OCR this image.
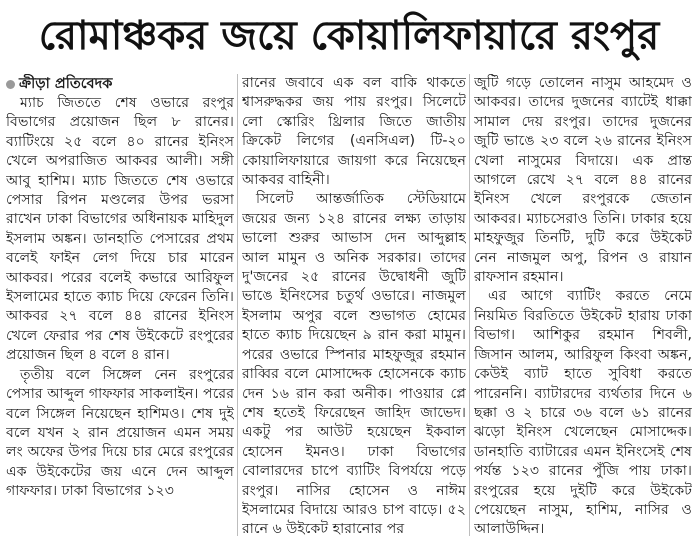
রোমাঞ্চকর জয়ে কোয়ালিফায়ারে রংপুর
ক্রীড়া প্রতিবেদক

ম্যাচ জিততে শেষ ওভারে রংপুর বিভাগের প্রয়োজন ছিল ৮ রানের। ব্যাটিংয়ে ২৫ বলে ৪০ রানের ইনিংস খেলে অপরাজিত আকবর আলী। সঙ্গী আবু হাশিম। ম্যাচ জিততে শেষ ওভারে পেসার রিপন মণ্ডলের উপর ভরসা রাখেন ঢাকা বিভাগের অধিনায়ক মাহিদুল ইসলাম অঙ্কন। ডানহাতি পেসারের প্রথম বলেই ফাইন লেগ দিয়ে চার মারেন আকবর। পরের বলেই কভারে আরিফুল ইসলামের হাতে ক্যাচ দিয়ে ফেরেন তিনি। আকবর ২৭ বলে ৪৪ রানের ইনিংস খেলে ফেরার পর শেষ উইকেটে রংপুরের প্রয়োজন ছিল ৪ বলে ৪ রান।

তৃতীয় বলে সিঙ্গেল নেন রংপুরের পেসার আব্দুল গাফফার সাকলাইন। পরের বলে সিঙ্গেল নিয়েছেন হাশিমও। শেষ দুই বলে যখন ২ রান প্রয়োজন এমন সময় লং অফের উপর দিয়ে চার মেরে রংপুরের এক উইকেটের জয় এনে দেন আব্দুল গাফফার। ঢাকা বিভাগের ১২৩

রানের জবাবে এক বল বাকি থাকতে শ্বাসরুদ্ধকর জয় পায় রংপুর। সিলেটে লো স্কোরিং থ্রিলার জিতে জাতীয় ক্রিকেট লিগের (এনসিএল) টি-২০ কোয়ালিফায়ারে জায়গা করে নিয়েছেন আকবর বাহিনী।

সিলেট আন্তর্জাতিক স্টেডিয়ামে জয়ের জন্য ১২৪ রানের লক্ষ্য তাড়ায় ভালো শুরুর আভাস দেন আব্দুল্লাহ আল মামুন ও অনিক সরকার। তাদের দু'জনের ২৫ রানের উদ্বোধনী জুটি ভাঙে ইনিংসের চতুর্থ ওভারে। নাজমুল ইসলাম অপুর বলে শুভাগত হোমের হাতে ক্যাচ দিয়েছেন ৯ রান করা মামুন। পরের ওভারে স্পিনার মাহফুজুর রহমান রাব্বির বলে মোসাদ্দেক হোসেনকে ক্যাচ দেন ১৬ রান করা অনীক। পাওয়ার প্লে শেষ হতেই ফিরেছেন জাহিদ জাভেদ। একটু পর আউট হয়েছেন ইকবাল হোসেন ইমনও। ঢাকা বিভাগের বোলারদের চাপে ব্যাটিং বিপর্যয়ে পড়ে রংপুর। নাসির হোসেন ও নাঈম ইসলামের বিদায়ে আরও চাপ বাড়ে। ৫২ রানে ৬ উইকেট হারানোর পর

জুটি গড়ে তোলেন নাসুম আহমেদ ও আকবর। তাদের দুজনের ব্যাটেই ধাক্কা সামাল দেয় রংপুর। তাদের দুজনের জুটি ভাঙে ২৩ বলে ২৬ রানের ইনিংস খেলা নাসুমের বিদায়ে। এক প্রান্ত আগলে রেখে ২৭ বলে ৪৪ রানের ইনিংস খেলে রংপুরকে জেতান আকবর। ম্যাচসেরাও তিনি। ঢাকার হয়ে মাহফুজুর তিনটি, দুটি করে উইকেট নেন নাজমুল অপু, রিপন ও রায়ান রাফসান রহমান।

এর আগে ব্যাটিং করতে নেমে নিয়মিত বিরতিতে উইকেট হারায় ঢাকা বিভাগ। আশিকুর রহমান শিবলী, জিসান আলম, আরিফুল কিংবা অঙ্কন, কেউই ব্যাট হাতে সুবিধা করতে পারেননি। ব্যাটারদের ব্যর্থতার দিনে ৬ ছক্কা ও ২ চারে ৩৬ বলে ৬১ রানের ঝড়ো ইনিংস খেলেছেন মোসাদ্দেক। ডানহাতি ব্যাটারের এমন ইনিংসেই শেষ পর্যন্ত ১২৩ রানের পুঁজি পায় ঢাকা। রংপুরের হয়ে দুইটি করে উইকেট পেয়েছেন নাসুম, হাশিম, নাসির ও আলাউদ্দিন।
